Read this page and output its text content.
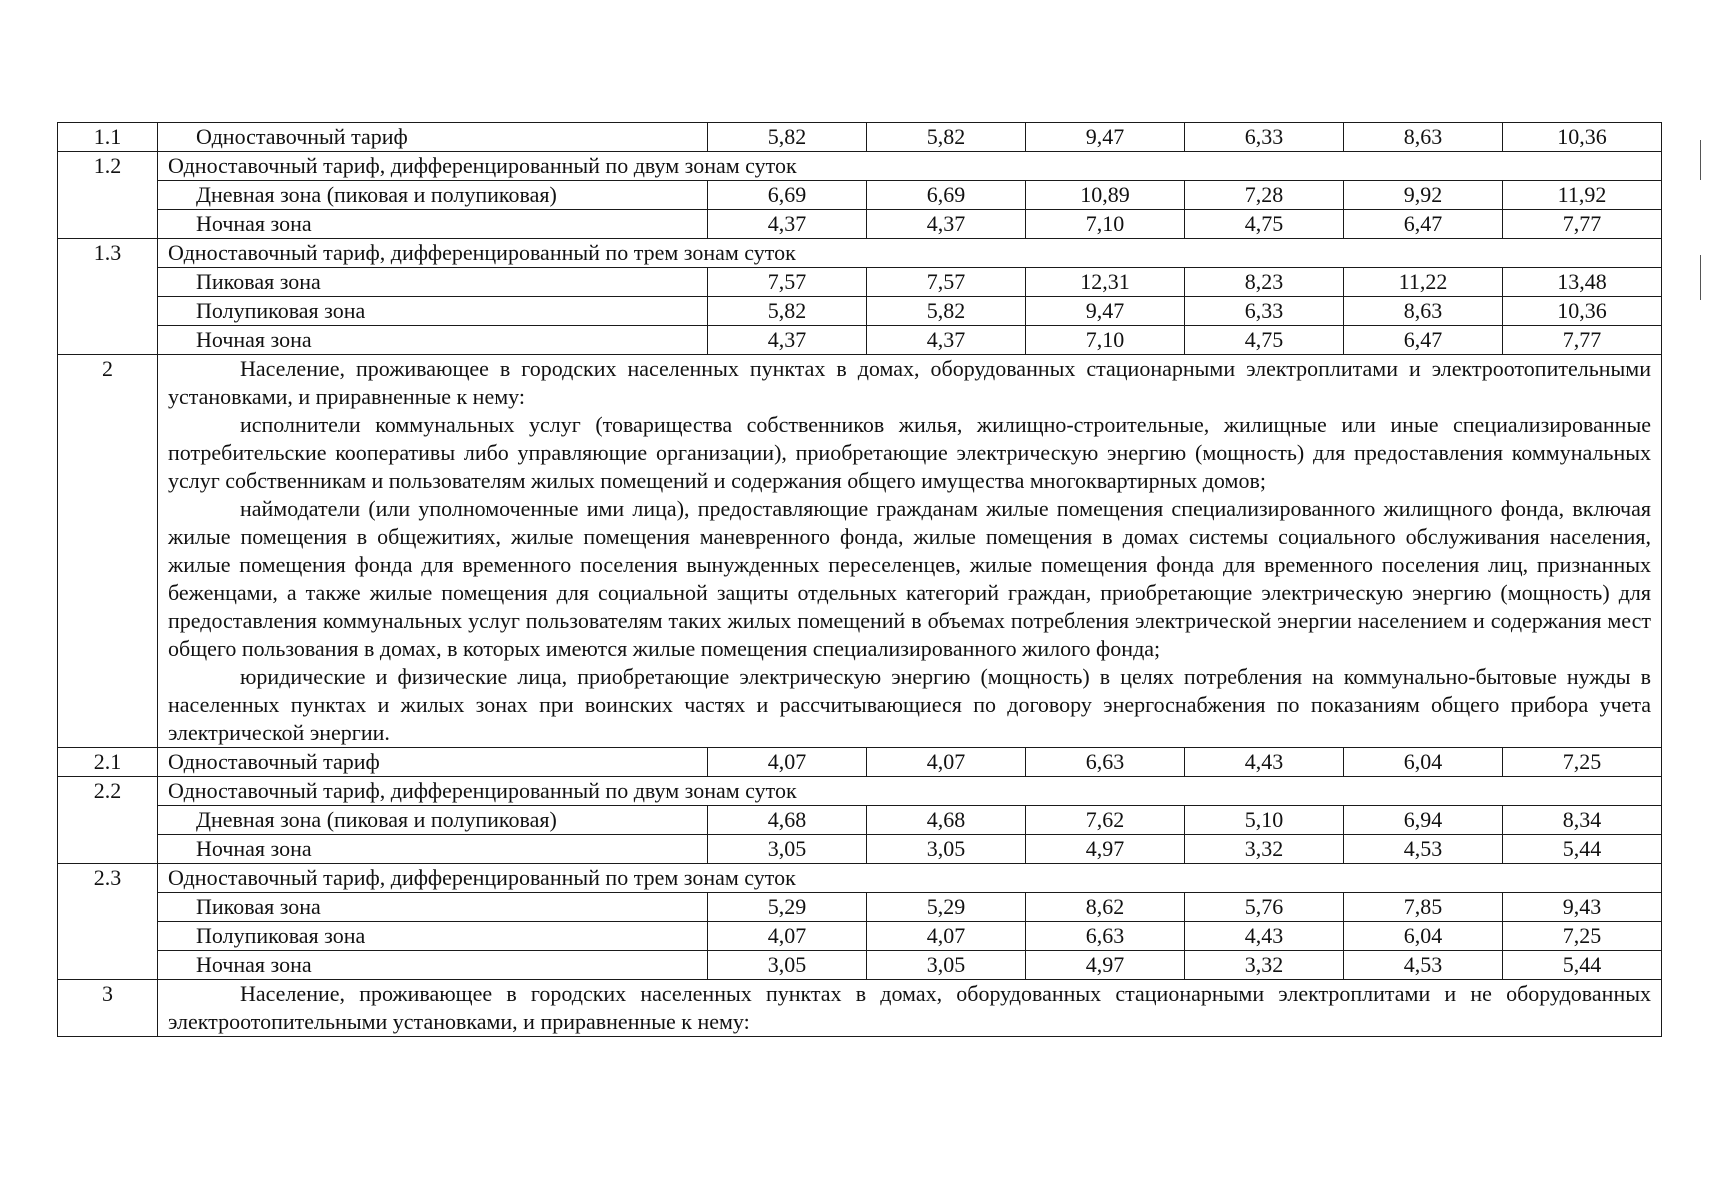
1.1	Одноставочный тариф	5,82	5,82	9,47	6,33	8,63	10,36
1.2	Одноставочный тариф, дифференцированный по двум зонам суток						
	Дневная зона (пиковая и полупиковая)	6,69	6,69	10,89	7,28	9,92	11,92
	Ночная зона	4,37	4,37	7,10	4,75	6,47	7,77
1.3	Одноставочный тариф, дифференцированный по трем зонам суток						
	Пиковая зона	7,57	7,57	12,31	8,23	11,22	13,48
	Полупиковая зона	5,82	5,82	9,47	6,33	8,63	10,36
	Ночная зона	4,37	4,37	7,10	4,75	6,47	7,77
2	Население, проживающее в городских населенных пунктах в домах, оборудованных стационарными электроплитами и электроотопительными установками, и приравненные к нему:

исполнители коммунальных услуг (товарищества собственников жилья, жилищно-строительные, жилищные или иные специализированные потребительские кооперативы либо управляющие организации), приобретающие электрическую энергию (мощность) для предоставления коммунальных услуг собственникам и пользователям жилых помещений и содержания общего имущества многоквартирных домов;

наймодатели (или уполномоченные ими лица), предоставляющие гражданам жилые помещения специализированного жилищного фонда, включая жилые помещения в общежитиях, жилые помещения маневренного фонда, жилые помещения в домах системы социального обслуживания населения, жилые помещения фонда для временного поселения вынужденных переселенцев, жилые помещения фонда для временного поселения лиц, признанных беженцами, а также жилые помещения для социальной защиты отдельных категорий граждан, приобретающие электрическую энергию (мощность) для предоставления коммунальных услуг пользователям таких жилых помещений в объемах потребления электрической энергии населением и содержания мест общего пользования в домах, в которых имеются жилые помещения специализированного жилого фонда;

юридические и физические лица, приобретающие электрическую энергию (мощность) в целях потребления на коммунально-бытовые нужды в населенных пунктах и жилых зонах при воинских частях и рассчитывающиеся по договору энергоснабжения по показаниям общего прибора учета электрической энергии.						

2.1	Одноставочный тариф	4,07	4,07	6,63	4,43	6,04	7,25
2.2	Одноставочный тариф, дифференцированный по двум зонам суток						
	Дневная зона (пиковая и полупиковая)	4,68	4,68	7,62	5,10	6,94	8,34
	Ночная зона	3,05	3,05	4,97	3,32	4,53	5,44
2.3	Одноставочный тариф, дифференцированный по трем зонам суток						
	Пиковая зона	5,29	5,29	8,62	5,76	7,85	9,43
	Полупиковая зона	4,07	4,07	6,63	4,43	6,04	7,25
	Ночная зона	3,05	3,05	4,97	3,32	4,53	5,44
3	Население, проживающее в городских населенных пунктах в домах, оборудованных стационарными электроплитами и не оборудованных электроотопительными установками, и приравненные к нему:						
